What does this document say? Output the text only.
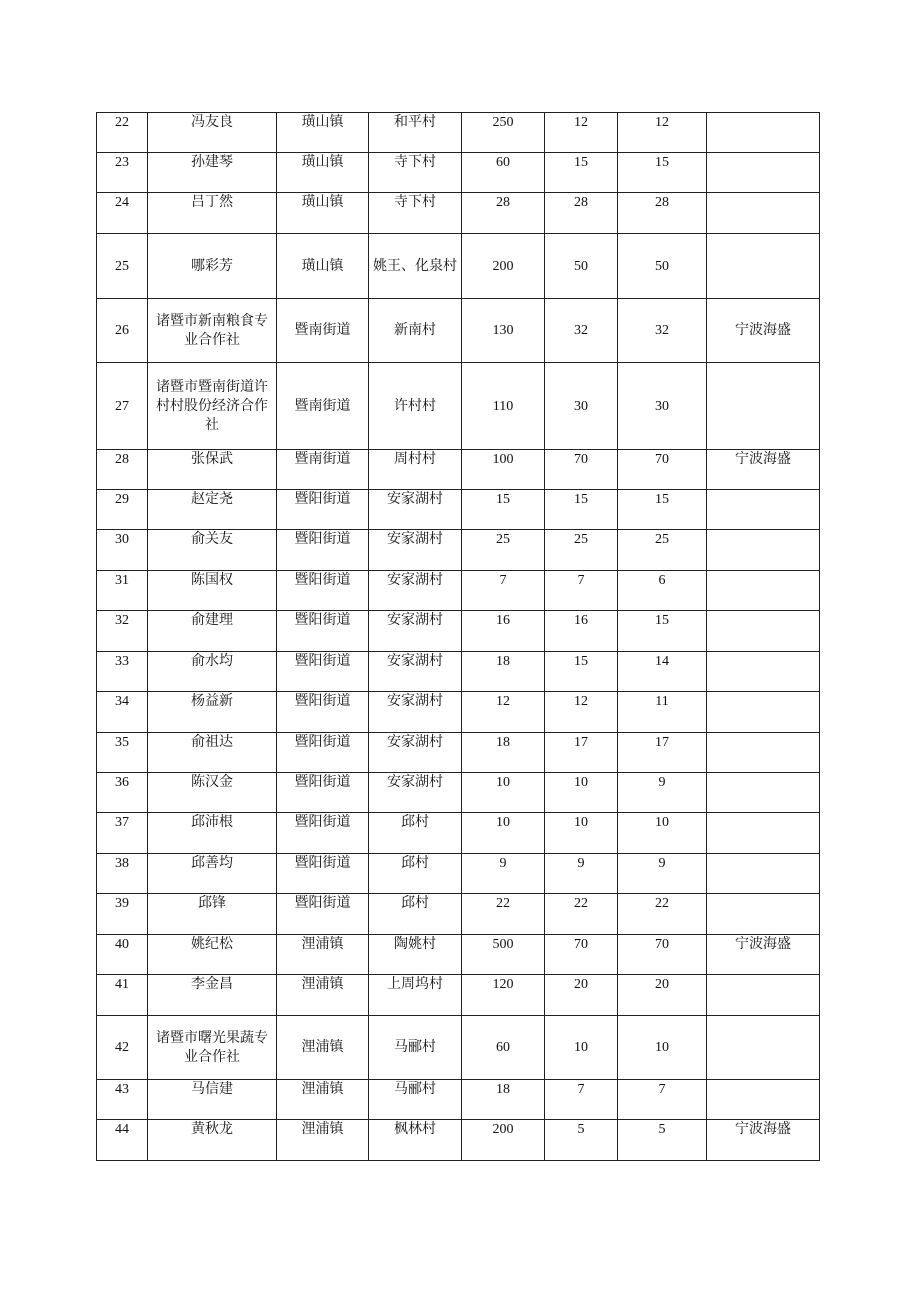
22	冯友良	璜山镇	和平村	250	12	12	
23	孙建琴	璜山镇	寺下村	60	15	15	
24	吕丁然	璜山镇	寺下村	28	28	28	
25	哪彩芳	璜山镇	姚王、化泉村	200	50	50	
26	诸暨市新南粮食专业合作社	暨南街道	新南村	130	32	32	宁波海盛
27	诸暨市暨南街道许村村股份经济合作社	暨南街道	许村村	110	30	30	
28	张保武	暨南街道	周村村	100	70	70	宁波海盛
29	赵定尧	暨阳街道	安家湖村	15	15	15	
30	俞关友	暨阳街道	安家湖村	25	25	25	
31	陈国权	暨阳街道	安家湖村	7	7	6	
32	俞建理	暨阳街道	安家湖村	16	16	15	
33	俞水均	暨阳街道	安家湖村	18	15	14	
34	杨益新	暨阳街道	安家湖村	12	12	11	
35	俞祖达	暨阳街道	安家湖村	18	17	17	
36	陈汉金	暨阳街道	安家湖村	10	10	9	
37	邱沛根	暨阳街道	邱村	10	10	10	
38	邱善均	暨阳街道	邱村	9	9	9	
39	邱锋	暨阳街道	邱村	22	22	22	
40	姚纪松	浬浦镇	陶姚村	500	70	70	宁波海盛
41	李金昌	浬浦镇	上周坞村	120	20	20	
42	诸暨市曙光果蔬专业合作社	浬浦镇	马郦村	60	10	10	
43	马信建	浬浦镇	马郦村	18	7	7	
44	黄秋龙	浬浦镇	枫林村	200	5	5	宁波海盛
